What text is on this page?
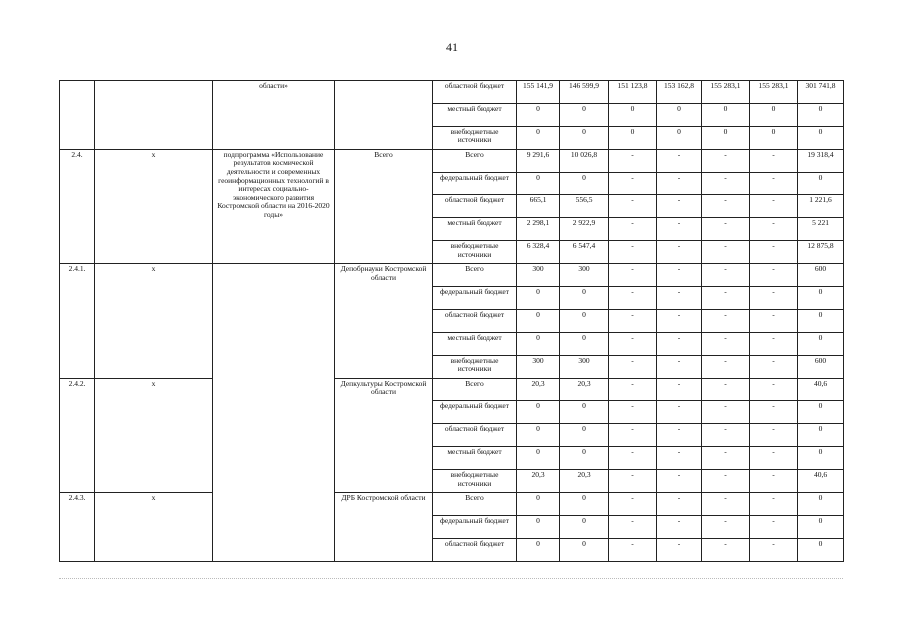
41
		области»		областной бюджет	155 141,9	146 599,9	151 123,8	153 162,8	155 283,1	155 283,1	301 741,8
				местный бюджет	0	0	0	0	0	0	0
				внебюджетные источники	0	0	0	0	0	0	0
2.4.	х	подпрограмма «Использование результатов космической деятельности и современных геоинформационных технологий в интересах социально-экономического развития Костромской области на 2016-2020 годы»	Всего	Всего	9 291,6	10 026,8	-	-	-	-	19 318,4
				федеральный бюджет	0	0	-	-	-	-	0
				областной бюджет	665,1	556,5	-	-	-	-	1 221,6
				местный бюджет	2 298,1	2 922,9	-	-	-	-	5 221
				внебюджетные источники	6 328,4	6 547,4	-	-	-	-	12 875,8
2.4.1.	х		Депобрнауки Костромской области	Всего	300	300	-	-	-	-	600
				федеральный бюджет	0	0	-	-	-	-	0
				областной бюджет	0	0	-	-	-	-	0
				местный бюджет	0	0	-	-	-	-	0
				внебюджетные источники	300	300	-	-	-	-	600
2.4.2.	х		Депкультуры Костромской области	Всего	20,3	20,3	-	-	-	-	40,6
				федеральный бюджет	0	0	-	-	-	-	0
				областной бюджет	0	0	-	-	-	-	0
				местный бюджет	0	0	-	-	-	-	0
				внебюджетные источники	20,3	20,3	-	-	-	-	40,6
2.4.3.	х		ДРБ Костромской области	Всего	0	0	-	-	-	-	0
				федеральный бюджет	0	0	-	-	-	-	0
				областной бюджет	0	0	-	-	-	-	0
